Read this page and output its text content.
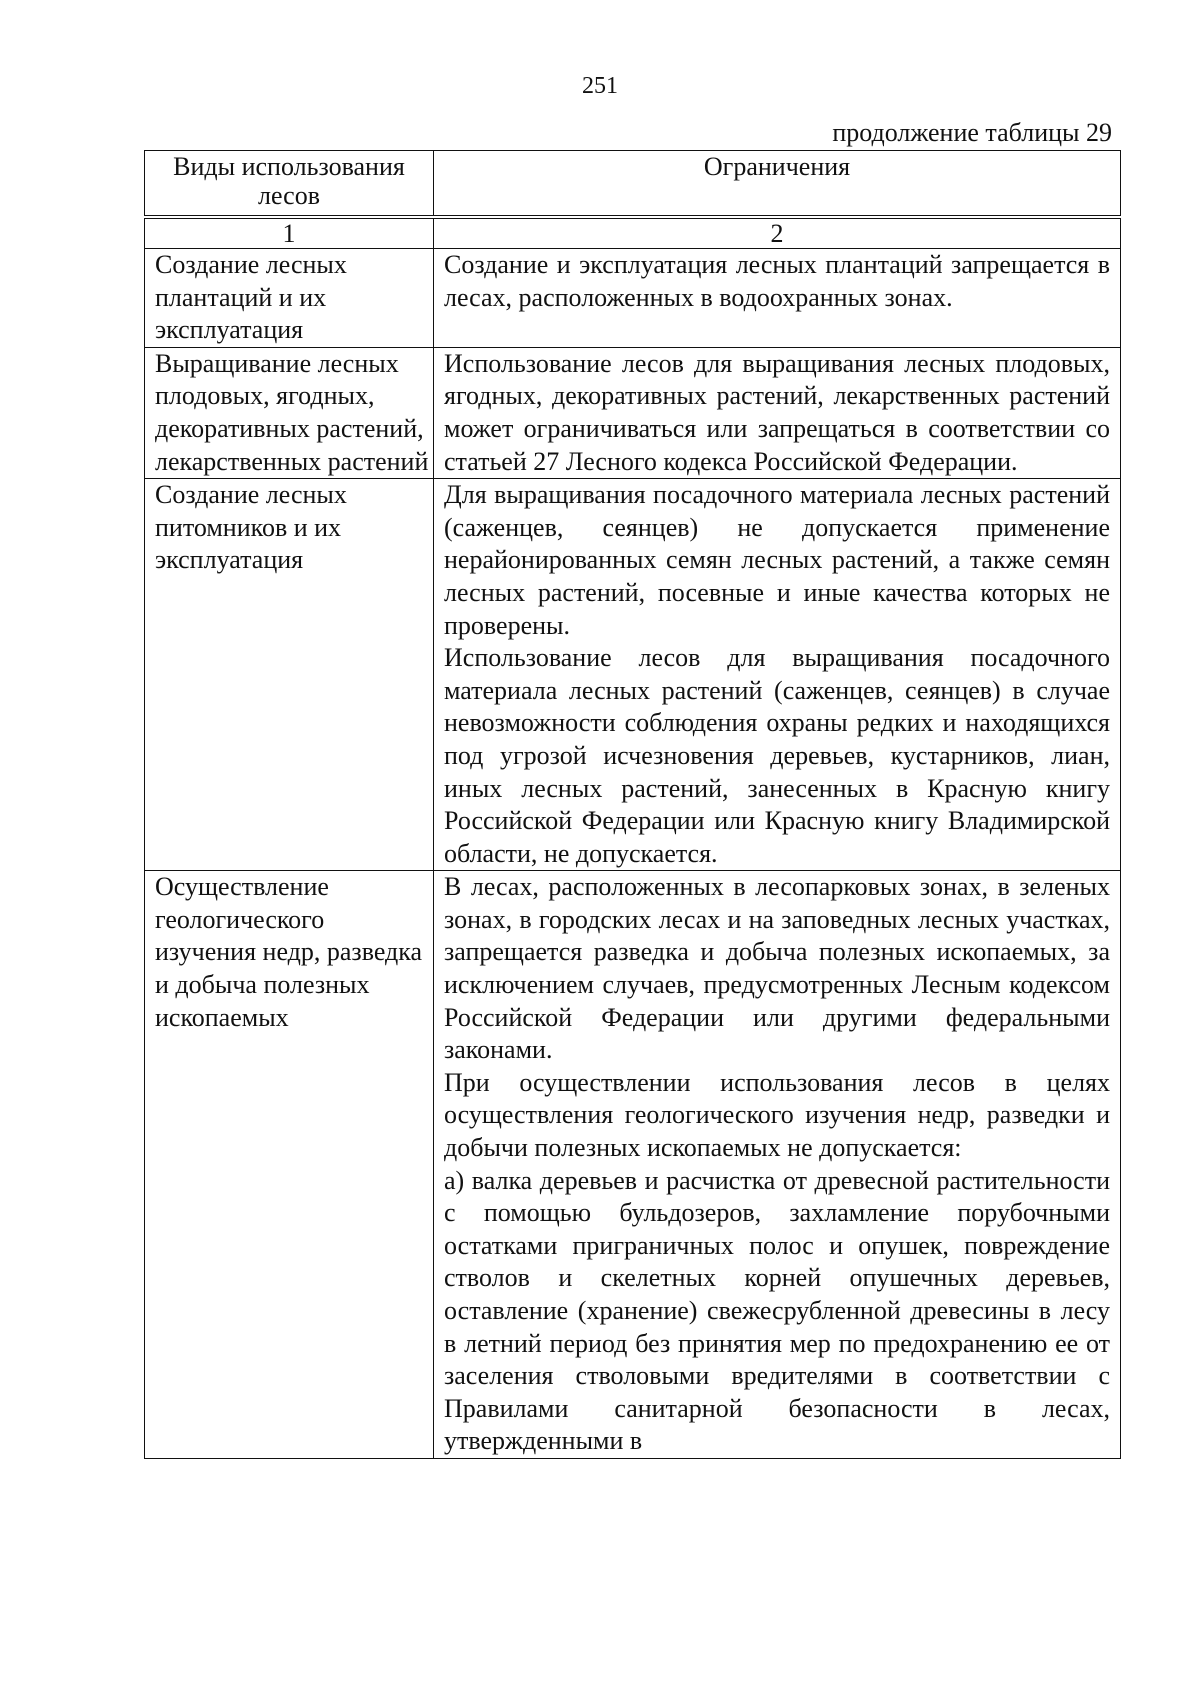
251
продолжение таблицы 29
Виды использования лесов	Ограничения
1	2

Создание лесных плантаций и их эксплуатация	Создание и эксплуатация лесных плантаций запрещается в лесах, расположенных в водоохранных зонах.

Выращивание лесных плодовых, ягодных, декоративных растений, лекарственных растений	Использование лесов для выращивания лесных плодовых, ягодных, декоративных растений, лекарственных растений может ограничиваться или запрещаться в соответствии со статьей 27 Лесного кодекса Российской Федерации.

Создание лесных питомников и их эксплуатация	Для выращивания посадочного материала лесных растений (саженцев, сеянцев) не допускается применение нерайонированных семян лесных растений, а также семян лесных растений, посевные и иные качества которых не проверены.
Использование лесов для выращивания посадочного материала лесных растений (саженцев, сеянцев) в случае невозможности соблюдения охраны редких и находящихся под угрозой исчезновения деревьев, кустарников, лиан, иных лесных растений, занесенных в Красную книгу Российской Федерации или Красную книгу Владимирской области, не допускается.

Осуществление геологического изучения недр, разведка и добыча полезных ископаемых	В лесах, расположенных в лесопарковых зонах, в зеленых зонах, в городских лесах и на заповедных лесных участках, запрещается разведка и добыча полезных ископаемых, за исключением случаев, предусмотренных Лесным кодексом Российской Федерации или другими федеральными законами.
При осуществлении использования лесов в целях осуществления геологического изучения недр, разведки и добычи полезных ископаемых не допускается:
а) валка деревьев и расчистка от древесной растительности с помощью бульдозеров, захламление порубочными остатками приграничных полос и опушек, повреждение стволов и скелетных корней опушечных деревьев, оставление (хранение) свежесрубленной древесины в лесу в летний период без принятия мер по предохранению ее от заселения стволовыми вредителями в соответствии с Правилами санитарной безопасности в лесах, утвержденными в
